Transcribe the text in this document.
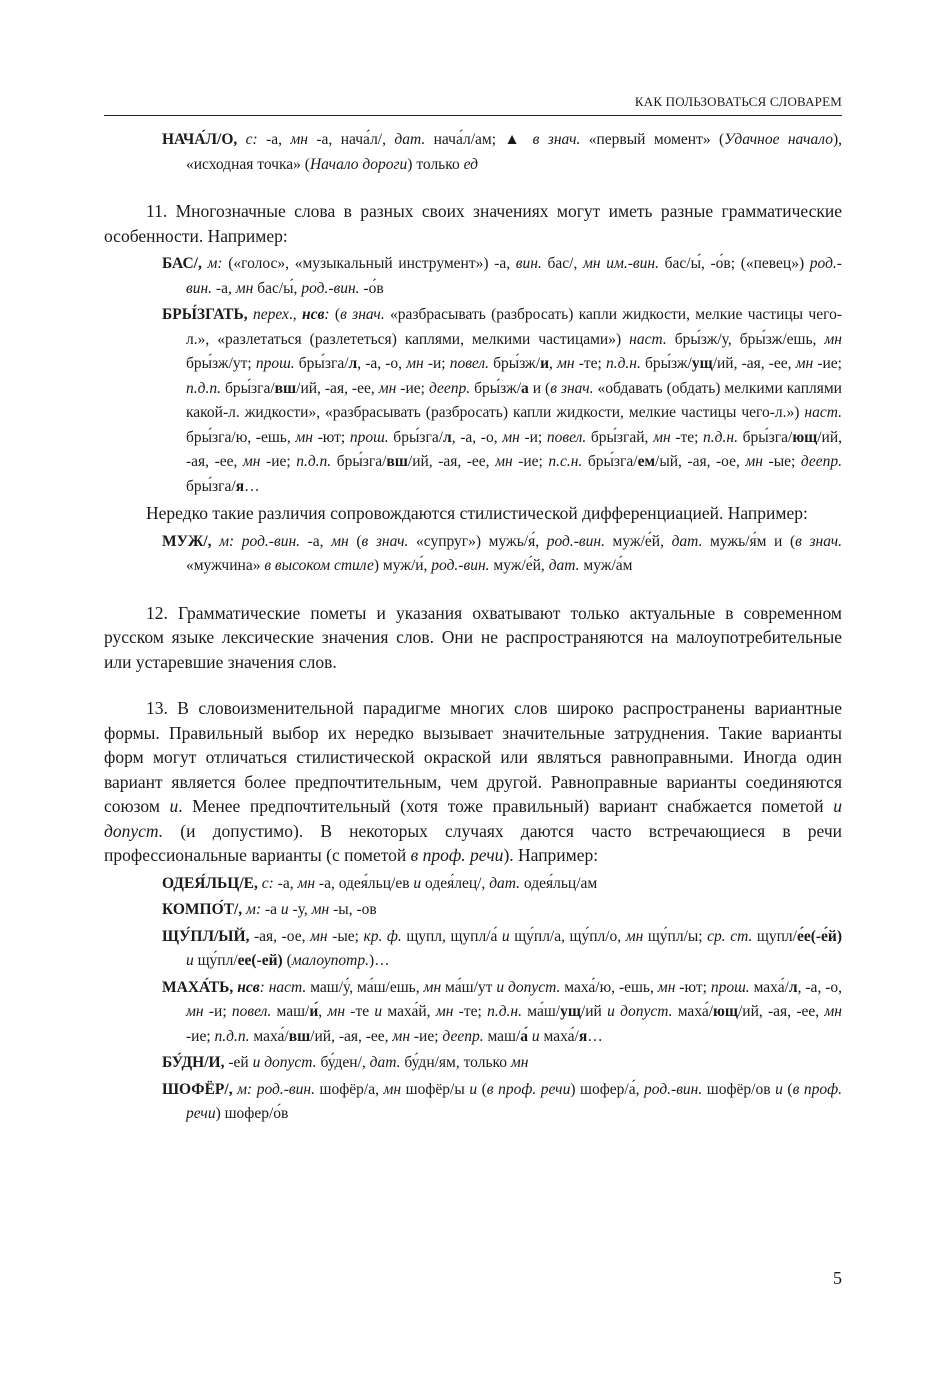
КАК ПОЛЬЗОВАТЬСЯ СЛОВАРЕМ

НАЧА́Л/О, с: -а, мн -а, нача́л/, дат. нача́л/ам; ▲ в знач. «первый момент» (Удачное начало), «исходная точка» (Начало дороги) только ед

11. Многозначные слова в разных своих значениях могут иметь разные грамматические особенности. Например:

БАС/, м: («голос», «музыкальный инструмент») -а, вин. бас/, мн им.-вин. бас/ы́, -о́в; («певец») род.-вин. -а, мн бас/ы́, род.-вин. -о́в

БРЫ́ЗГАТЬ, перех., нсв: (в знач. «разбрасывать (разбросать) капли жидкости, мелкие частицы чего-л.», «разлетаться (разлететься) каплями, мелкими частицами») наст. бры́зж/у, бры́зж/ешь, мн бры́зж/ут; прош. бры́зга/л, -а, -о, мн -и; повел. бры́зж/и, мн -те; п.д.н. бры́зж/ущ/ий, -ая, -ее, мн -ие; п.д.п. бры́зга/вш/ий, -ая, -ее, мн -ие; деепр. бры́зж/а и (в знач. «обдавать (обдать) мелкими каплями какой-л. жидкости», «разбрасывать (разбросать) капли жидкости, мелкие частицы чего-л.») наст. бры́зга/ю, -ешь, мн -ют; прош. бры́зга/л, -а, -о, мн -и; повел. бры́згай, мн -те; п.д.н. бры́зга/ющ/ий, -ая, -ее, мн -ие; п.д.п. бры́зга/вш/ий, -ая, -ее, мн -ие; п.с.н. бры́зга/ем/ый, -ая, -ое, мн -ые; деепр. бры́зга/я…

Нередко такие различия сопровождаются стилистической дифференциацией. Например:

МУЖ/, м: род.-вин. -а, мн (в знач. «супруг») мужь/я́, род.-вин. муж/е́й, дат. мужь/я́м и (в знач. «мужчина» в высоком стиле) муж/и́, род.-вин. муж/е́й, дат. муж/а́м

12. Грамматические пометы и указания охватывают только актуальные в современном русском языке лексические значения слов. Они не распространяются на малоупотребительные или устаревшие значения слов.

13. В словоизменительной парадигме многих слов широко распространены вариантные формы. Правильный выбор их нередко вызывает значительные затруднения. Такие варианты форм могут отличаться стилистической окраской или являться равноправными. Иногда один вариант является более предпочтительным, чем другой. Равноправные варианты соединяются союзом и. Менее предпочтительный (хотя тоже правильный) вариант снабжается пометой и допуст. (и допустимо). В некоторых случаях даются часто встречающиеся в речи профессиональные варианты (с пометой в проф. речи). Например:

ОДЕЯ́ЛЬЦ/Е, с: -а, мн -а, одея́льц/ев и одея́лец/, дат. одея́льц/ам

КОМПО́Т/, м: -а и -у, мн -ы, -ов

ЩУ́ПЛ/ЫЙ, -ая, -ое, мн -ые; кр. ф. щупл, щупл/а́ и щу́пл/а, щу́пл/о, мн щу́пл/ы; ср. ст. щупл/е́е(-е́й) и щу́пл/ее(-ей) (малоупотр.)…

МАХА́ТЬ, нсв: наст. маш/у́, ма́ш/ешь, мн ма́ш/ут и допуст. маха́/ю, -ешь, мн -ют; прош. маха́/л, -а, -о, мн -и; повел. маш/и́, мн -те и маха́й, мн -те; п.д.н. ма́ш/ущ/ий и допуст. маха́/ющ/ий, -ая, -ее, мн -ие; п.д.п. маха́/вш/ий, -ая, -ее, мн -ие; деепр. маш/а́ и маха́/я…

БУ́ДН/И, -ей и допуст. бу́ден/, дат. бу́дн/ям, только мн

ШОФЁР/, м: род.-вин. шофёр/а, мн шофёр/ы и (в проф. речи) шофер/а́, род.-вин. шофёр/ов и (в проф. речи) шофер/о́в

5
